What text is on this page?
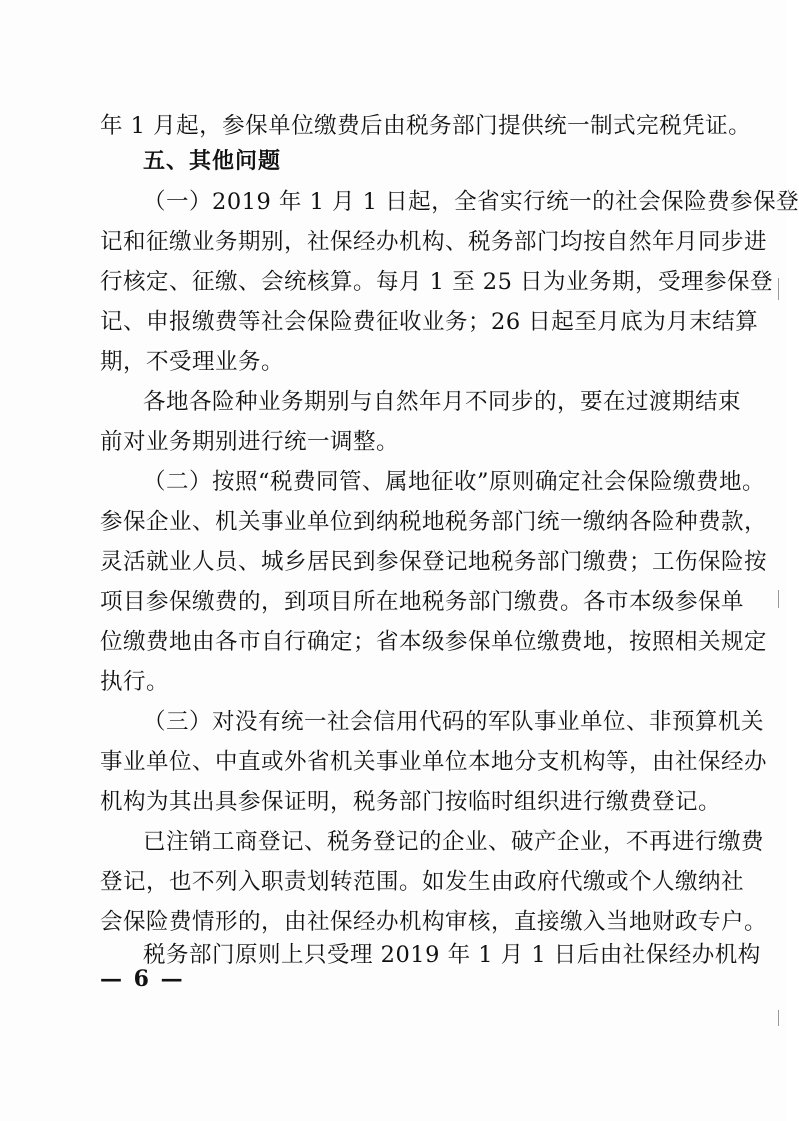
年 1 月起，参保单位缴费后由税务部门提供统一制式完税凭证。
五、其他问题
（一）2019 年 1 月 1 日起，全省实行统一的社会保险费参保登
记和征缴业务期别，社保经办机构、税务部门均按自然年月同步进
行核定、征缴、会统核算。每月 1 至 25 日为业务期，受理参保登
记、申报缴费等社会保险费征收业务；26 日起至月底为月末结算
期，不受理业务。
各地各险种业务期别与自然年月不同步的，要在过渡期结束
前对业务期别进行统一调整。
（二）按照“税费同管、属地征收”原则确定社会保险缴费地。
参保企业、机关事业单位到纳税地税务部门统一缴纳各险种费款，
灵活就业人员、城乡居民到参保登记地税务部门缴费；工伤保险按
项目参保缴费的，到项目所在地税务部门缴费。各市本级参保单
位缴费地由各市自行确定；省本级参保单位缴费地，按照相关规定
执行。
（三）对没有统一社会信用代码的军队事业单位、非预算机关
事业单位、中直或外省机关事业单位本地分支机构等，由社保经办
机构为其出具参保证明，税务部门按临时组织进行缴费登记。
已注销工商登记、税务登记的企业、破产企业，不再进行缴费
登记，也不列入职责划转范围。如发生由政府代缴或个人缴纳社
会保险费情形的，由社保经办机构审核，直接缴入当地财政专户。
税务部门原则上只受理 2019 年 1 月 1 日后由社保经办机构
— 6 —
